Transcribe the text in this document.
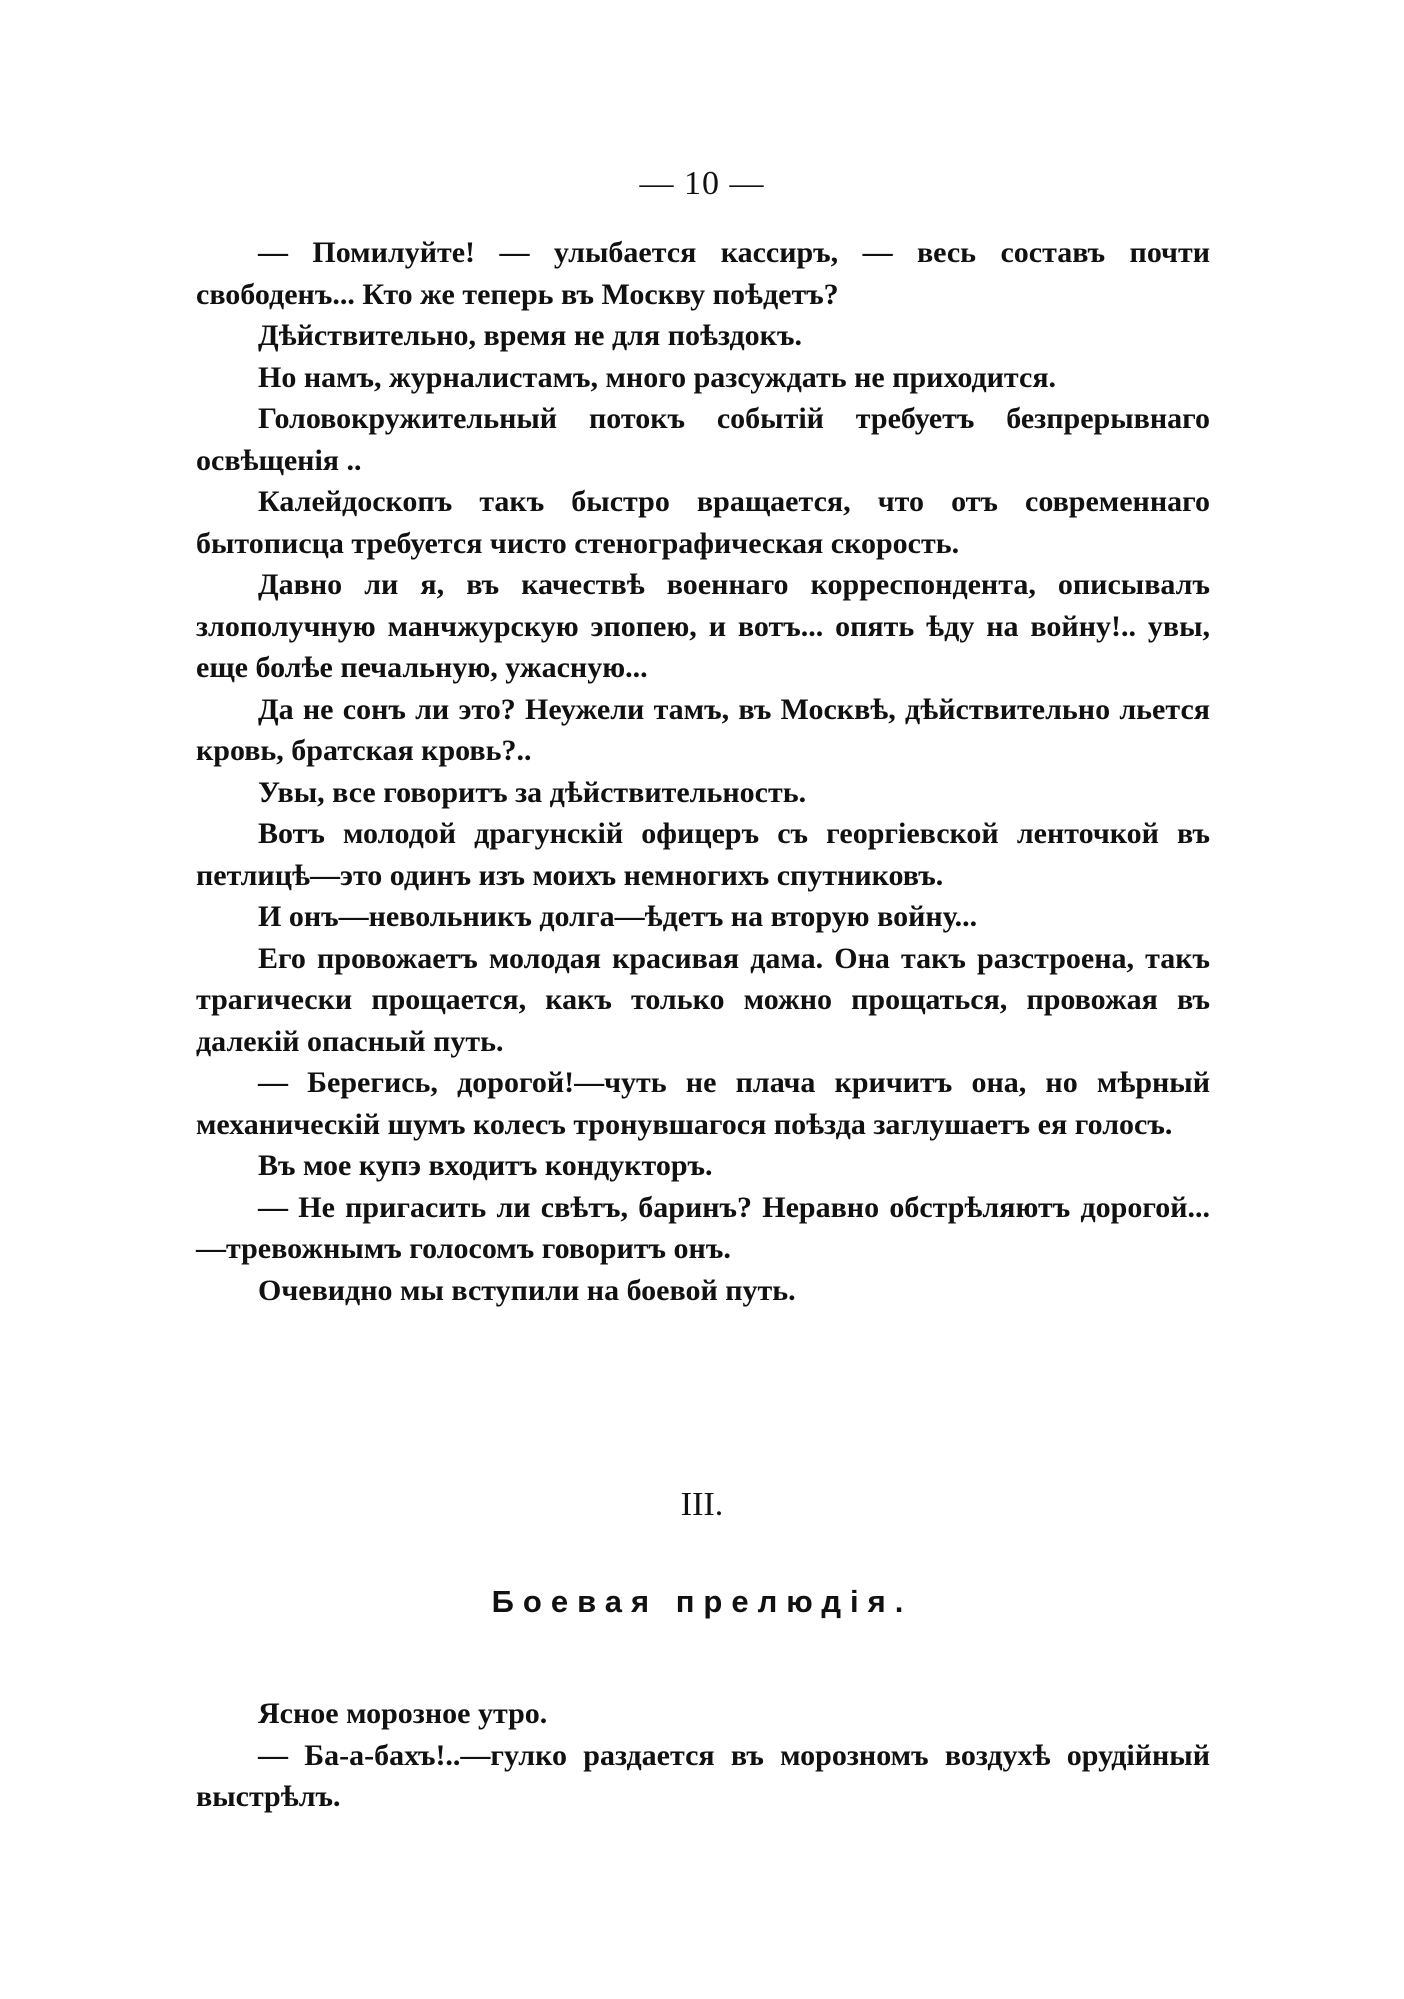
— 10 —

— Помилуйте! — улыбается кассиръ, — весь составъ почти свободенъ... Кто же теперь въ Москву поѣдетъ?

Дѣйствительно, время не для поѣздокъ.

Но намъ, журналистамъ, много разсуждать не приходится.

Головокружительный потокъ событій требуетъ безпрерывнаго освѣщенія ..

Калейдоскопъ такъ быстро вращается, что отъ современнаго бытописца требуется чисто стенографическая скорость.

Давно ли я, въ качествѣ военнаго корреспондента, описывалъ злополучную манчжурскую эпопею, и вотъ... опять ѣду на войну!.. увы, еще болѣе печальную, ужасную...

Да не сонъ ли это? Неужели тамъ, въ Москвѣ, дѣйствительно льется кровь, братская кровь?..

Увы, все говоритъ за дѣйствительность.

Вотъ молодой драгунскій офицеръ съ георгіевской ленточкой въ петлицѣ—это одинъ изъ моихъ немногихъ спутниковъ.

И онъ—невольникъ долга—ѣдетъ на вторую войну...

Его провожаетъ молодая красивая дама. Она такъ разстроена, такъ трагически прощается, какъ только можно прощаться, провожая въ далекій опасный путь.

— Берегись, дорогой!—чуть не плача кричитъ она, но мѣрный механическій шумъ колесъ тронувшагося поѣзда заглушаетъ ея голосъ.

Въ мое купэ входитъ кондукторъ.

— Не пригасить ли свѣтъ, баринъ? Неравно обстрѣляютъ дорогой...—тревожнымъ голосомъ говоритъ онъ.

Очевидно мы вступили на боевой путь.

III.
Боевая прелюдія.

Ясное морозное утро.

— Ба-а-бахъ!..—гулко раздается въ морозномъ воздухѣ орудійный выстрѣлъ.
